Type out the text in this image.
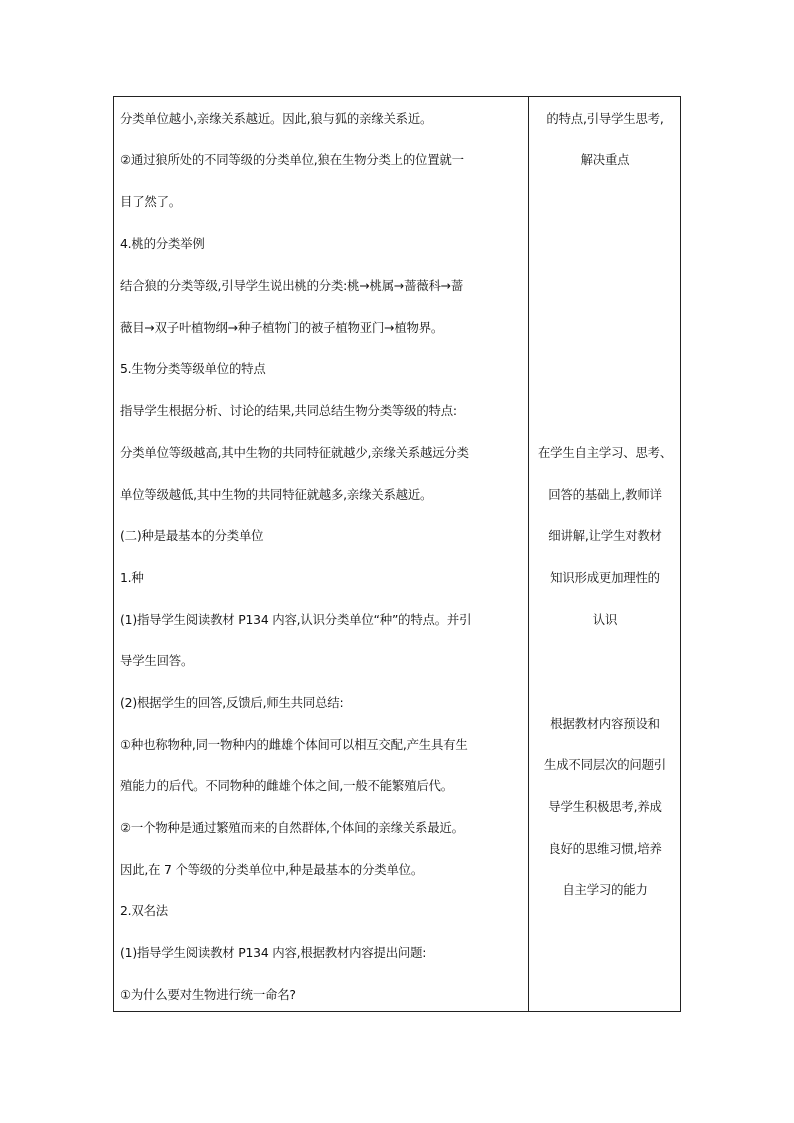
分类单位越小,亲缘关系越近。因此,狼与狐的亲缘关系近。
②通过狼所处的不同等级的分类单位,狼在生物分类上的位置就一
目了然了。
4.桃的分类举例
结合狼的分类等级,引导学生说出桃的分类:桃→桃属→蔷薇科→蔷
薇目→双子叶植物纲→种子植物门的被子植物亚门→植物界。
5.生物分类等级单位的特点
指导学生根据分析、讨论的结果,共同总结生物分类等级的特点:
分类单位等级越高,其中生物的共同特征就越少,亲缘关系越远分类
单位等级越低,其中生物的共同特征就越多,亲缘关系越近。
(二)种是最基本的分类单位
1.种
(1)指导学生阅读教材 P134 内容,认识分类单位“种”的特点。并引
导学生回答。
(2)根据学生的回答,反馈后,师生共同总结:
①种也称物种,同一物种内的雌雄个体间可以相互交配,产生具有生
殖能力的后代。不同物种的雌雄个体之间,一般不能繁殖后代。
②一个物种是通过繁殖而来的自然群体,个体间的亲缘关系最近。
因此,在 7 个等级的分类单位中,种是最基本的分类单位。
2.双名法
(1)指导学生阅读教材 P134 内容,根据教材内容提出问题:
①为什么要对生物进行统一命名?
的特点,引导学生思考,
解决重点
在学生自主学习、思考、
回答的基础上,教师详
细讲解,让学生对教材
知识形成更加理性的
认识
根据教材内容预设和
生成不同层次的问题引
导学生积极思考,养成
良好的思维习惯,培养
自主学习的能力
